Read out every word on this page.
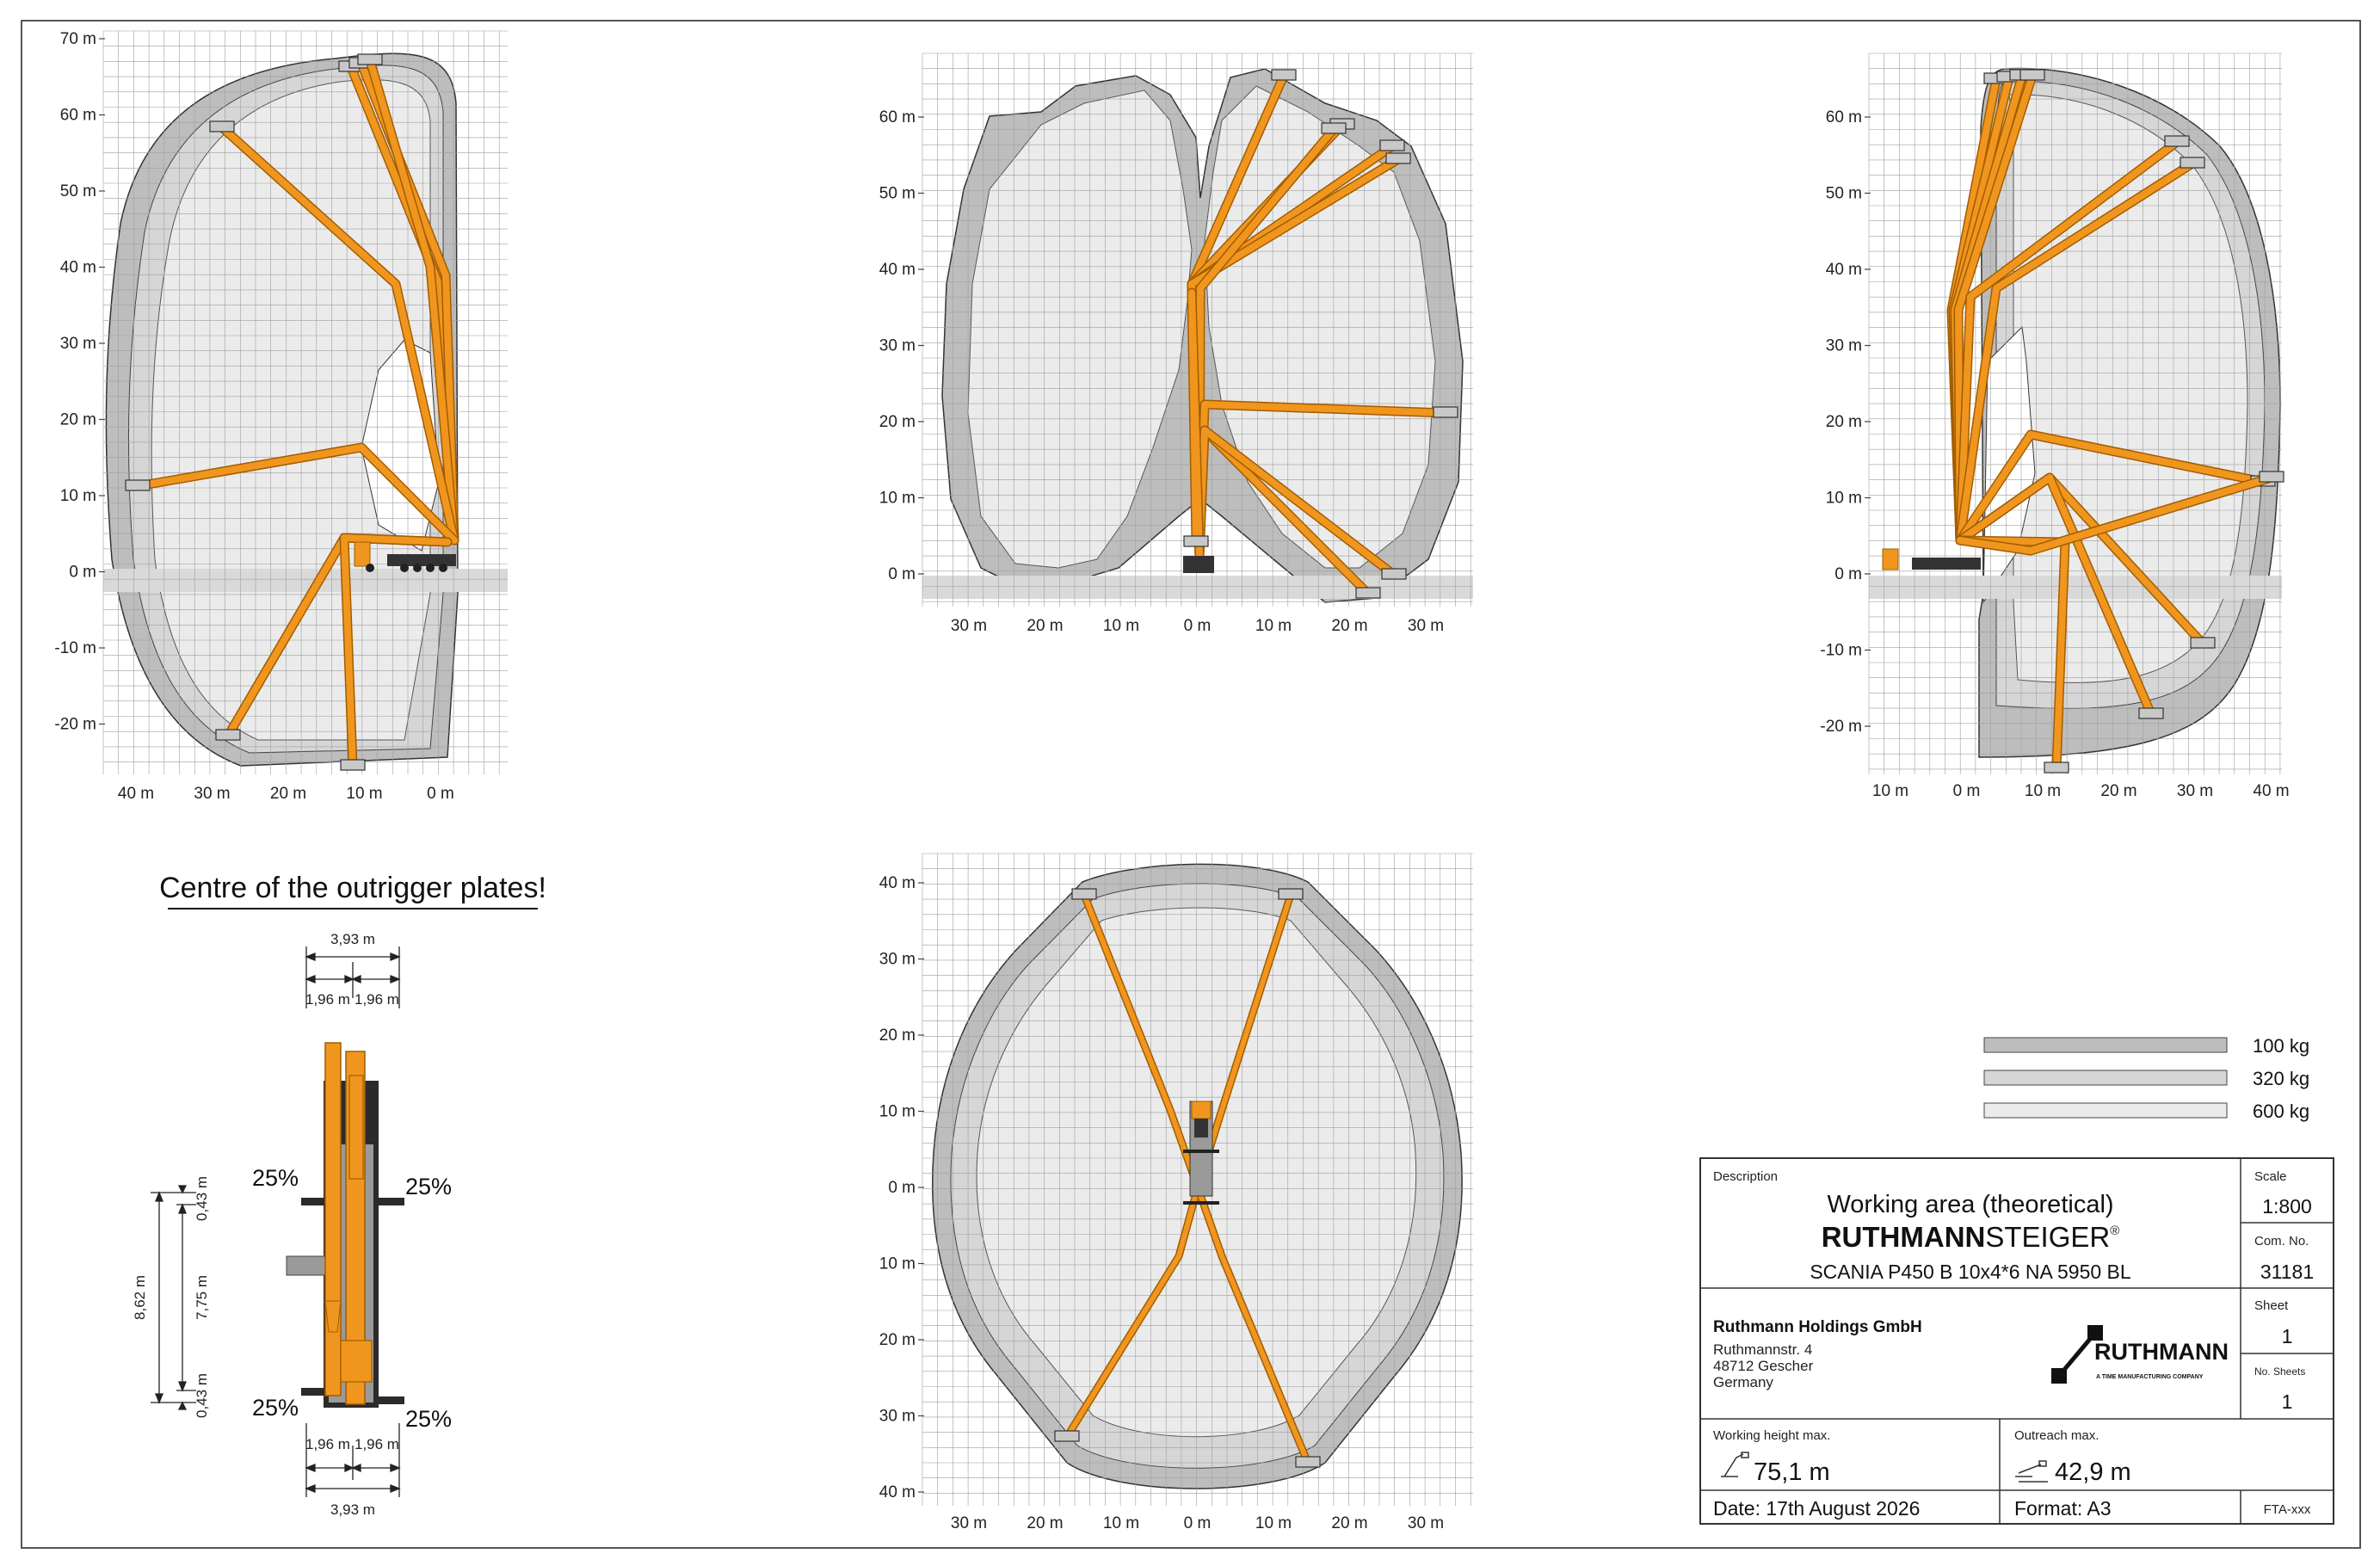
70 m
60 m
50 m
40 m
30 m
20 m
10 m
0 m
-10 m
-20 m
40 m 30 m 20 m 10 m	0 m
60 m
50 m
40 m
30 m
20 m
10 m
0 m
30 m 20 m 10 m	0 m	10 m 20 m 30 m
60 m
50 m
40 m
30 m
20 m
10 m
0 m
-10 m
-20 m
10 m	0 m	10 m 20 m 30 m 40 m
40 m
30 m
20 m
10 m
0 m
10 m
20 m
30 m
40 m
30 m 20 m 10 m	0 m	10 m 20 m 30 m
Centre of the outrigger plates!
3,93 m
1,96 m 1,96 m
25%	25%
25%	25%
8,62 m	7,75 m
0,43 m
0,43 m
1,96 m 1,96 m
3,93 m
100 kg
320 kg
600 kg
Description
Working area (theoretical)
RUTHMANNSTEIGER®
SCANIA P450 B 10x4*6 NA 5950 BL
Scale
1:800
Com. No.
31181
Sheet
1
No. Sheets
1
Ruthmann Holdings GmbH
Ruthmannstr. 4
48712 Gescher
Germany
RUTHMANN
A TIME MANUFACTURING COMPANY
Working height max.
75,1 m
Outreach max.
42,9 m
Date: 17th August 2026	Format: A3	FTA-xxx
